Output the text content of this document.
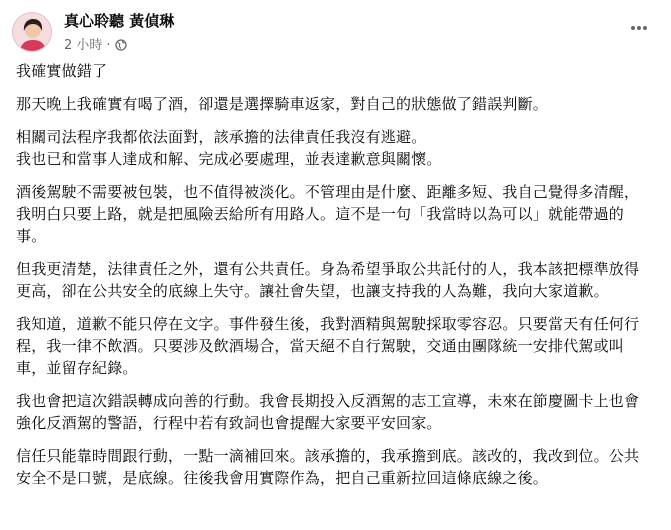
真心聆聽 黃偵琳
2 小時 ·

我確實做錯了

那天晚上我確實有喝了酒，卻還是選擇騎車返家，對自己的狀態做了錯誤判斷。

相關司法程序我都依法面對，該承擔的法律責任我沒有逃避。
我也已和當事人達成和解、完成必要處理，並表達歉意與關懷。

酒後駕駛不需要被包裝，也不值得被淡化。不管理由是什麼、距離多短、我自己覺得多清醒，我明白只要上路，就是把風險丟給所有用路人。這不是一句「我當時以為可以」就能帶過的事。

但我更清楚，法律責任之外，還有公共責任。身為希望爭取公共託付的人，我本該把標準放得更高，卻在公共安全的底線上失守。讓社會失望，也讓支持我的人為難，我向大家道歉。

我知道，道歉不能只停在文字。事件發生後，我對酒精與駕駛採取零容忍。只要當天有任何行程，我一律不飲酒。只要涉及飲酒場合，當天絕不自行駕駛，交通由團隊統一安排代駕或叫車，並留存紀錄。

我也會把這次錯誤轉成向善的行動。我會長期投入反酒駕的志工宣導，未來在節慶圖卡上也會強化反酒駕的警語，行程中若有致詞也會提醒大家要平安回家。

信任只能靠時間跟行動，一點一滴補回來。該承擔的，我承擔到底。該改的，我改到位。公共安全不是口號，是底線。往後我會用實際作為，把自己重新拉回這條底線之後。
